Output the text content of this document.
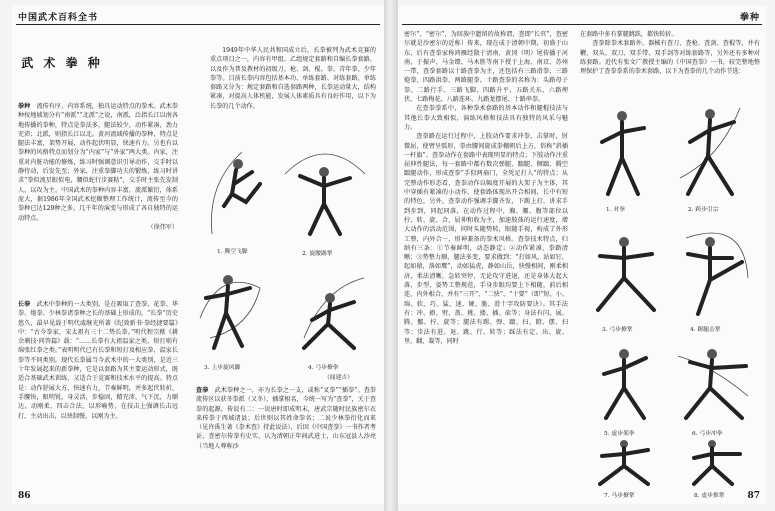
中国武术百科全书
武 术 拳 种

拳种　 流传有序，内容系统，独具运动特点的拳术。武术拳种按地域划分有“南派”“北派”之说，南派，泛指长江以南各地传播的拳种，特点是拳法多，腿法较少，动作紧凑，劲力充沛；北派，则指长江以北。黄河流域传播的拳种，特点是腿法丰富，架势开展，动作起伏明显，快速有力。另也有以拳种的风格特点而划分为“内家”与“外家”两大类。内家，注重对内脏功能的修炼，练习时强调意识引导动作，交手时以静待动，后发先至；外家，注重拳脚功夫的锻炼，练习时讲求“拳似流星眼似电，腰似蛇行步赛粘”，交手时主张先发制人，以攻为主。中国武术的拳种内容丰富，流派繁衍，体系庞大，据1986年全国武术挖掘整理工作统计，流传至今的拳种已达129种之多，几千年的演变与形成了各自独特的运动特点。

（徐伟军）

长拳　 武术中拳种的一大类别。是在吸取了查拳、花拳、华拳、炮拳、少林拳诸拳种之长的基础上形成的。“长拳”历史悠久，最早见载于明代戚继光所著《纪效新书·拳经捷要篇》中：“古今拳家，宋太祖有三十二势长拳。”明代程宗猷《耕余剩技·问答篇》载：“……长拳有大祖温家之类，短打则有绵张红拳之类。”表明明代已有长拳和短打及相应拳，温家长拳等不同类别。现代长拳属当今武术中的一大类别，是近三十年发展起来的新拳种，它是以套路为其主要运动形式，既适合基础武术训练，又适合于竞赛和技术水平的提高。特点是：动作舒展大方，快速有力，节奏鲜明，并多起伏转折，手腰快，眼明锐，身灵活，步稳固，精充沛，气下沉，力顺达，动刚柔，四击合法，以形喻势，在技击上强调长击远打，主动出击，以快制慢，以刚为主。

1949年中华人民共和国成立后，长拳被列为武术竞赛的重点项目之一，内容有甲组、乙组规定套路和自编长拳套路，以及作为普及教材的初级刀、枪、剑、棍、拳、青年拳、少年拳等。目前长拳内容包括基本功、单练套路、对练套路，单练套路又分为：规定套路和自选套路两种，长拳运动量大，结构紧凑，对提高人体机能，发展人体素质具有良好作用，以下为长拳的几个动作。

1. 腾空飞脚	2. 旋腰踢掌
3. 上步旋风脚	4. 弓步撩拳
（闻建吉）

查拳　 武术拳种之一，亦为长拳之一支，或称“叉拳”“插拳”。查拳流传区以获冬拳派（又冬），插掌相名，今统一写为“查拳”，关于查拳的起源，传说有二：一说唐时即成明末，唐武宗随时民族密尔衣来传拳于西域诸县；后世则以其姓命拳名；二说少林拳衍化而来（见许禹生著《拳术查》持此说法），后因《中国查拳》一书作者考证，查密尔传拳有史实，认为清朝正年间武进士，山东冠县人沙亮（当地人尊称沙

86
拳种

密尔”、“密尔”，为回族中遗留的故称谓，查即“长官”，查密尔就是沙密尔的近称）传来，现在成于清朝中期，初盛于山东、后有查拳家称鸿雁经散于清南，黄冈（明）尾传播于河南，于振声、马金镖、马木胜等南下授于上海、南京、苏州一带，查拳套路以十路查拳为主，还包括有三路滑拳、三路炮拳、四路洪拳、两路腿拳。十路查拳的名称为：头路母子拳、二路行手、三路飞脚、四路升平、五路关东、六路埋伏、七路梅花、八路连环、九路龙摆尾、十路串拳。

在查拳拳系中，各种拳术套路的基本动作和腿棍技法与其他长拳大致相似，演练风格和技法具有独特的风采与魅力。

查拳路在运行过程中，上肢动作要求冲拳、击掌时，肘微屈，使臂呈弧形，拳由腰间旋成拳棚朝后上方，俗称“斜插一杆旗”。查拳动作在套路中表现明显的特点；下肢动作注重屈伸性腿法，每一套路中都有数次弹腿、踹腿、侧踹、腾空踹腿动作，形成查拳“手似两扇门，全凭足打人”的特点；从完整动作形态看，查拳动作以幅度开展的大架子为主体，其中穿插有紧凑的小动作，使套路体现出开合相间，长中有短的特色，另外，查拳动作强调手脚齐发，下踢上打，讲求手到步到，同起同落，在动作过程中，胸、腰、腹等部位以拧、转、旋、合、屈伸和收为主，加速肢体的运行速度，增大动作的活动范围，同时头随势转，眼随手视，构成了外形工整，内外合一，形神兼备的拳术风格。查拳技术特点，归纳有三条：①节奏鲜明，动态静定；②动作紧凑，拳路清晰；③势整力顺，腿法多变，要求做到：“打如风，站如钉，起如猿，落如鹰”，动如猛虎，静如山岳，快慢相间，刚柔相济，柔法清晰，急转突停，无论攻守进退，还是身体大起大落，步型、姿势工整规范，手身步眼均要上下相随，前后相连，内外相合，并有“三开”、“二快”、“十要”（即“短、小、绵、软、巧、猛、速、硬、脆、滑十字攻防要诀）。其手法有：冲、撩、劈、盖、挑、搂、插、砍等；身法有闪、展、腾、挪、拧、旋等；腿法有踢、弹、踹、扫、蹬、摆、扫等；步法有进、退、跳、行、转等；踩法有定、出、旋、里、翻、凝等，同时

在套路中多有掌腿跳跃，都快转折。

查拳除拳术套路外，器械有查刀、查枪、查剑、查棍等，并有鞭、双头、双刀、双手带、双手剑等对练套路等，另外还有多种对练套路。近代有张文广教授主编的《中国查拳》一书，较完整地整理保护了查拳拳系的拳术套路，以下为查拳的几个动作节选：

1. 对拳	2. 跨步引宗
3. 弓步撩掌	4. 踢腿击掌
5. 虚步架拳	6. 弓步冲拳
7. 马步撩掌	8. 虚步推掌	87
